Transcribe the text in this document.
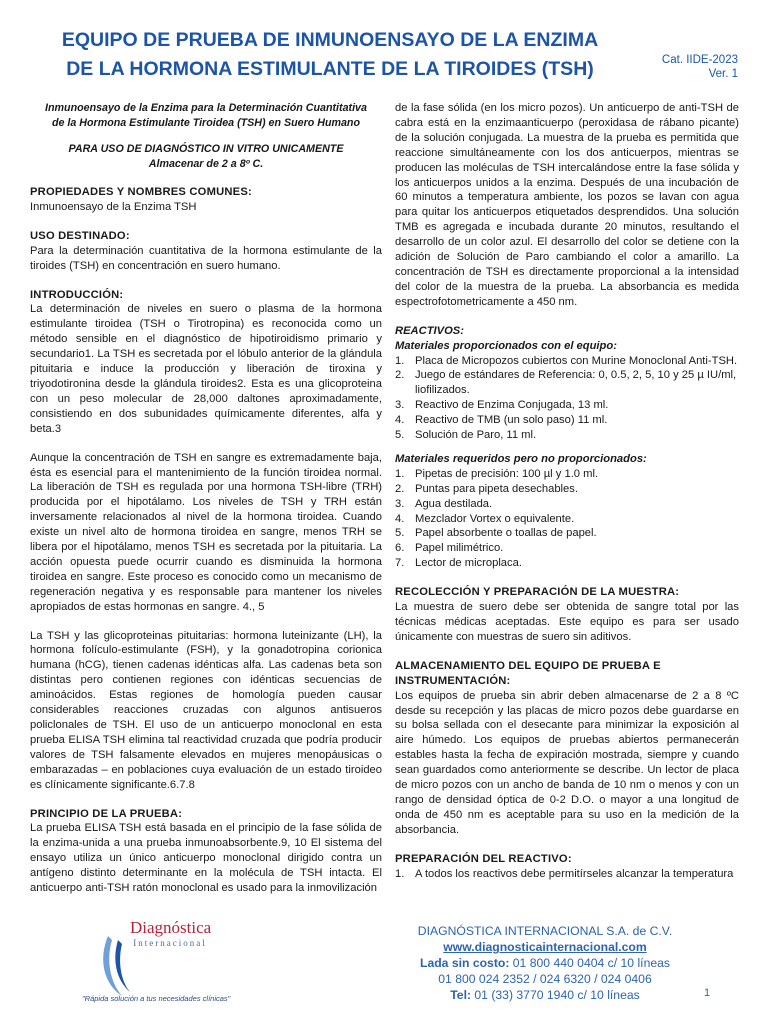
EQUIPO DE PRUEBA DE INMUNOENSAYO DE LA ENZIMA
DE LA HORMONA ESTIMULANTE DE LA TIROIDES (TSH)	Cat. IIDE-2023
Ver. 1
Inmunoensayo de la Enzima para la Determinación Cuantitativa
de la Hormona Estimulante Tiroidea (TSH) en Suero Humano
PARA USO DE DIAGNÓSTICO IN VITRO UNICAMENTE
Almacenar de 2 a 8º C.
PROPIEDADES Y NOMBRES COMUNES:
Inmunoensayo de la Enzima TSH
USO DESTINADO:
Para la determinación cuantitativa de la hormona estimulante de la tiroides (TSH) en concentración en suero humano.
INTRODUCCIÓN:
La determinación de niveles en suero o plasma de la hormona estimulante tiroidea (TSH o Tirotropina) es reconocida como un método sensible en el diagnóstico de hipotiroidismo primario y secundario1. La TSH es secretada por el lóbulo anterior de la glándula pituitaria e induce la producción y liberación de tiroxina y triyodotironina desde la glándula tiroides2. Esta es una glicoproteina con un peso molecular de 28,000 daltones aproximadamente, consistiendo en dos subunidades químicamente diferentes, alfa y beta.3
Aunque la concentración de TSH en sangre es extremadamente baja, ésta es esencial para el mantenimiento de la función tiroidea normal. La liberación de TSH es regulada por una hormona TSH-libre (TRH) producida por el hipotálamo. Los niveles de TSH y TRH están inversamente relacionados al nivel de la hormona tiroidea. Cuando existe un nivel alto de hormona tiroidea en sangre, menos TRH se libera por el hipotálamo, menos TSH es secretada por la pituitaria. La acción opuesta puede ocurrir cuando es disminuida la hormona tiroidea en sangre. Este proceso es conocido como un mecanismo de regeneración negativa y es responsable para mantener los niveles apropiados de estas hormonas en sangre. 4., 5
La TSH y las glicoproteinas pituitarias: hormona luteinizante (LH), la hormona folículo-estimulante (FSH), y la gonadotropina corionica humana (hCG), tienen cadenas idénticas alfa. Las cadenas beta son distintas pero contienen regiones con idénticas secuencias de aminoácidos. Estas regiones de homología pueden causar considerables reacciones cruzadas con algunos antisueros policlonales de TSH. El uso de un anticuerpo monoclonal en esta prueba ELISA TSH elimina tal reactividad cruzada que podría producir valores de TSH falsamente elevados en mujeres menopáusicas o embarazadas – en poblaciones cuya evaluación de un estado tiroideo es clínicamente significante.6.7.8
PRINCIPIO DE LA PRUEBA:
La prueba ELISA TSH está basada en el principio de la fase sólida de la enzima-unida a una prueba inmunoabsorbente.9, 10 El sistema del ensayo utiliza un único anticuerpo monoclonal dirigido contra un antígeno distinto determinante en la molécula de TSH intacta. El anticuerpo anti-TSH ratón monoclonal es usado para la inmovilización
de la fase sólida (en los micro pozos). Un anticuerpo de anti-TSH de cabra está en la enzimaanticuerpo (peroxidasa de rábano picante) de la solución conjugada. La muestra de la prueba es permitida que reaccione simultáneamente con los dos anticuerpos, mientras se producen las moléculas de TSH intercalándose entre la fase sólida y los anticuerpos unidos a la enzima. Después de una incubación de 60 minutos a temperatura ambiente, los pozos se lavan con agua para quitar los anticuerpos etiquetados desprendidos. Una solución TMB es agregada e incubada durante 20 minutos, resultando el desarrollo de un color azul. El desarrollo del color se detiene con la adición de Solución de Paro cambiando el color a amarillo. La concentración de TSH es directamente proporcional a la intensidad del color de la muestra de la prueba. La absorbancia es medida espectrofotometricamente a 450 nm.
REACTIVOS:
Materiales proporcionados con el equipo:
1. Placa de Micropozos cubiertos con Murine Monoclonal Anti-TSH.
2. Juego de estándares de Referencia: 0, 0.5, 2, 5, 10 y 25 µ IU/ml, liofilizados.
3. Reactivo de Enzima Conjugada, 13 ml.
4. Reactivo de TMB (un solo paso) 11 ml.
5. Solución de Paro, 11 ml.
Materiales requeridos pero no proporcionados:
1. Pipetas de precisión: 100 µl y 1.0 ml.
2. Puntas para pipeta desechables.
3. Agua destilada.
4. Mezclador Vortex o equivalente.
5. Papel absorbente o toallas de papel.
6. Papel milimétrico.
7. Lector de microplaca.
RECOLECCIÓN Y PREPARACIÓN DE LA MUESTRA:
La muestra de suero debe ser obtenida de sangre total por las técnicas médicas aceptadas. Este equipo es para ser usado únicamente con muestras de suero sin aditivos.
ALMACENAMIENTO DEL EQUIPO DE PRUEBA E INSTRUMENTACIÓN:
Los equipos de prueba sin abrir deben almacenarse de 2 a 8 ºC desde su recepción y las placas de micro pozos debe guardarse en su bolsa sellada con el desecante para minimizar la exposición al aire húmedo. Los equipos de pruebas abiertos permanecerán estables hasta la fecha de expiración mostrada, siempre y cuando sean guardados como anteriormente se describe. Un lector de placa de micro pozos con un ancho de banda de 10 nm o menos y con un rango de densidad óptica de 0-2 D.O. o mayor a una longitud de onda de 450 nm es aceptable para su uso en la medición de la absorbancia.
PREPARACIÓN DEL REACTIVO:
1. A todos los reactivos debe permitírseles alcanzar la temperatura
Diagnóstica
Internacional
"Rápida solución a tus necesidades clínicas"
DIAGNÓSTICA INTERNACIONAL S.A. de C.V.
www.diagnosticainternacional.com
Lada sin costo: 01 800 440 0404 c/ 10 líneas
01 800 024 2352 / 024 6320 / 024 0406
Tel: 01 (33) 3770 1940 c/ 10 líneas	1
